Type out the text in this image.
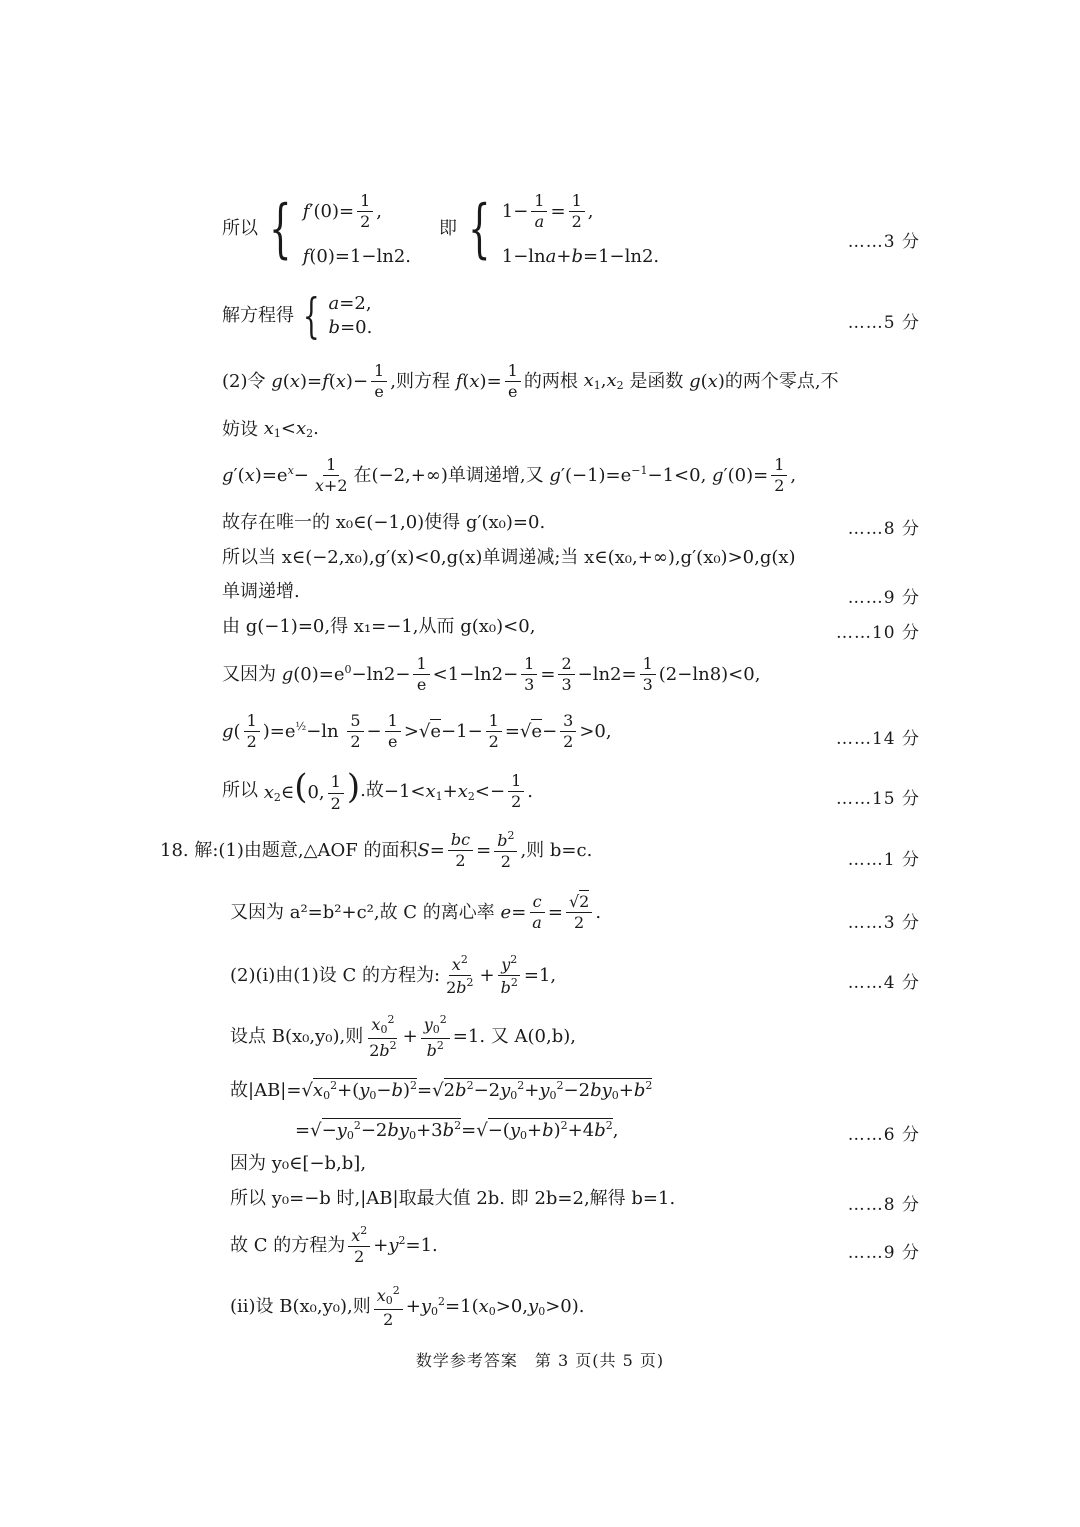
所以 { $f'(0)= \frac{1}{2}$ ,
f(0)=1−ln2.
即 { $1- \frac{1}{a} = \frac{1}{2}$ ,
1−lna+b=1−ln2.
……3 分
解方程得 { a=2,
b=0.	……5 分
(2)令 $g(x)=f(x)- \frac{1}{e}$ ,则方程 $f(x)= \frac{1}{e}$ 的两根 $x_1,x_2$ 是函数 g(x) 的两个零点,不
妨设 $x_1<x_2$.
$g'(x)=e^x- \frac{1}{x+2}$ 在(−2,+∞)单调递增,又 $g'(-1)=e^{-1}-1<0$, $g'(0)= \frac{1}{2}$ ,
故存在唯一的 x₀∈(−1,0)使得 g′(x₀)=0.	……8 分
所以当 x∈(−2,x₀),g′(x)<0,g(x)单调递减;当 x∈(x₀,+∞),g′(x₀)>0,g(x)
单调递增.	……9 分
由 g(−1)=0,得 x₁=−1,从而 g(x₀)<0,	……10 分
又因为 $g(0)=e^0-\ln 2- \frac{1}{e} <1-\ln 2- \frac{1}{3} = \frac{2}{3} -\ln 2= \frac{1}{3} (2-\ln 8)<0$,
$g( \frac{1}{2} )=e^{\frac{1}{2}}-\ln \frac{5}{2} - \frac{1}{e} >√e-1- \frac{1}{2} =√e- \frac{3}{2} >0$,	……14 分
所以 $x_2\in(0$, $\frac{1}{2}$ ) .故 $-1<x_1+x_2<- \frac{1}{2}$ .	……15 分
18. 解: (1)由题意,△AOF 的面积 $S= \frac{bc}{2} = \frac{b^2}{2}$ ,则 b=c.	……1 分
又因为 a²=b²+c²,故 C 的离心率 $e= \frac{c}{a} = \frac{√2}{2}$ .
……3 分
(2)(i)由(1)设 C 的方程为: $\frac{x^2}{2b^2} + \frac{y^2}{b^2} =1$,	……4 分
设点 B(x₀,y₀),则 $\frac{x_0^2}{2b^2} + \frac{y_0^2}{b^2} =1$ . 又 A(0,b),
故$|AB|= √x_0^2+(y_0-b)^2=√2b^2-2y_0^2+y_0^2-2by_0+b^2$
$=√-y_0^2-2by_0+3b^2=√-(y_0+b)^2+4b^2$,	……6 分
因为 y₀∈[−b,b],
所以 y₀=−b 时,|AB|取最大值 2b. 即 2b=2,解得 b=1.	……8 分
故 C 的方程为 $\frac{x^2}{2} +y^2=1$.	……9 分
(ii)设 B(x₀,y₀),则 $\frac{x_0^2}{2} +y_0^2=1(x_0>0,y_0>0)$.
数学参考答案　第 3 页(共 5 页)
